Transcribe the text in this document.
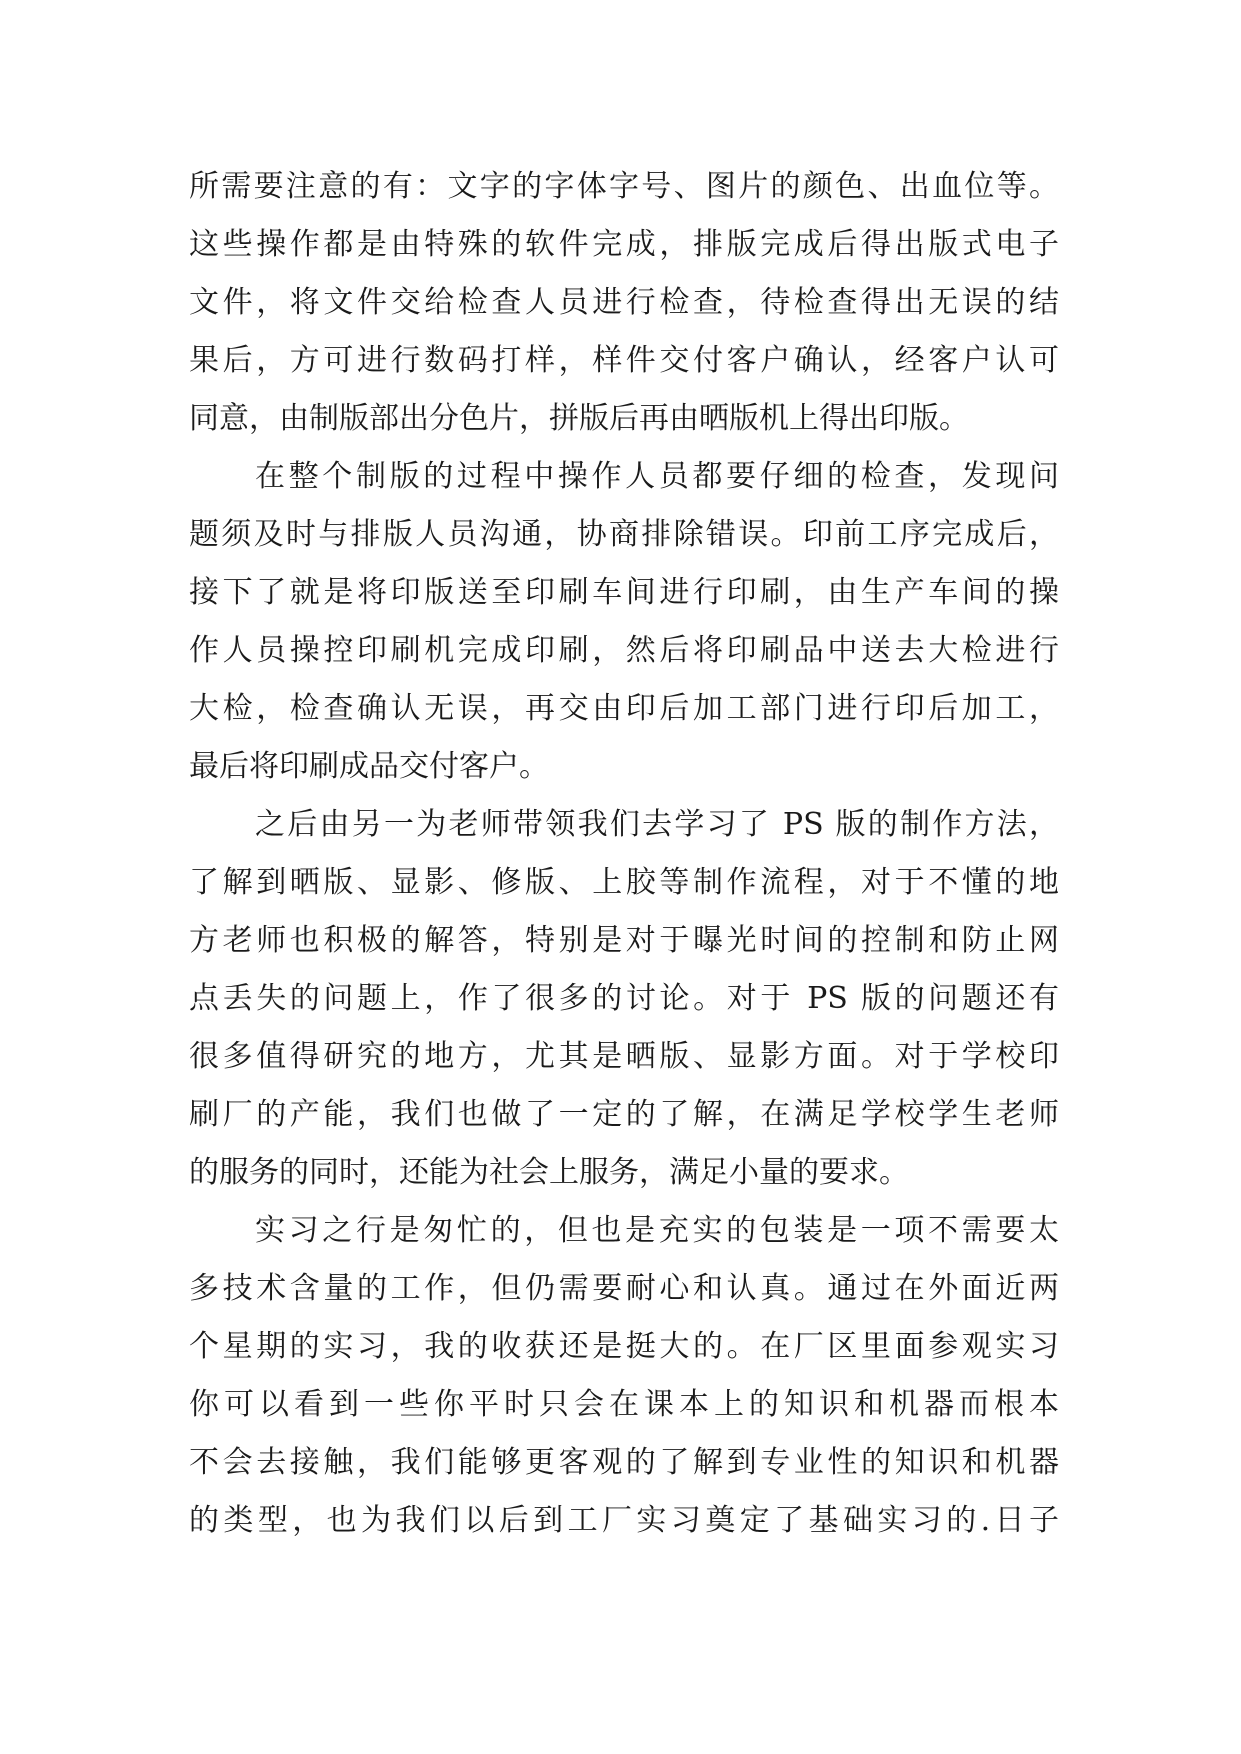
所需要注意的有：文字的字体字号、图片的颜色、出血位等。
这些操作都是由特殊的软件完成，排版完成后得出版式电子
文件，将文件交给检查人员进行检查，待检查得出无误的结
果后，方可进行数码打样，样件交付客户确认，经客户认可
同意，由制版部出分色片，拼版后再由晒版机上得出印版。

在整个制版的过程中操作人员都要仔细的检查，发现问
题须及时与排版人员沟通，协商排除错误。印前工序完成后，
接下了就是将印版送至印刷车间进行印刷，由生产车间的操
作人员操控印刷机完成印刷，然后将印刷品中送去大检进行
大检，检查确认无误，再交由印后加工部门进行印后加工，
最后将印刷成品交付客户。

之后由另一为老师带领我们去学习了 PS 版的制作方法，
了解到晒版、显影、修版、上胶等制作流程，对于不懂的地
方老师也积极的解答，特别是对于曝光时间的控制和防止网
点丢失的问题上，作了很多的讨论。对于 PS 版的问题还有
很多值得研究的地方，尤其是晒版、显影方面。对于学校印
刷厂的产能，我们也做了一定的了解，在满足学校学生老师
的服务的同时，还能为社会上服务，满足小量的要求。

实习之行是匆忙的，但也是充实的包装是一项不需要太
多技术含量的工作，但仍需要耐心和认真。通过在外面近两
个星期的实习，我的收获还是挺大的。在厂区里面参观实习
你可以看到一些你平时只会在课本上的知识和机器而根本
不会去接触，我们能够更客观的了解到专业性的知识和机器
的类型，也为我们以后到工厂实习奠定了基础实习的.日子
